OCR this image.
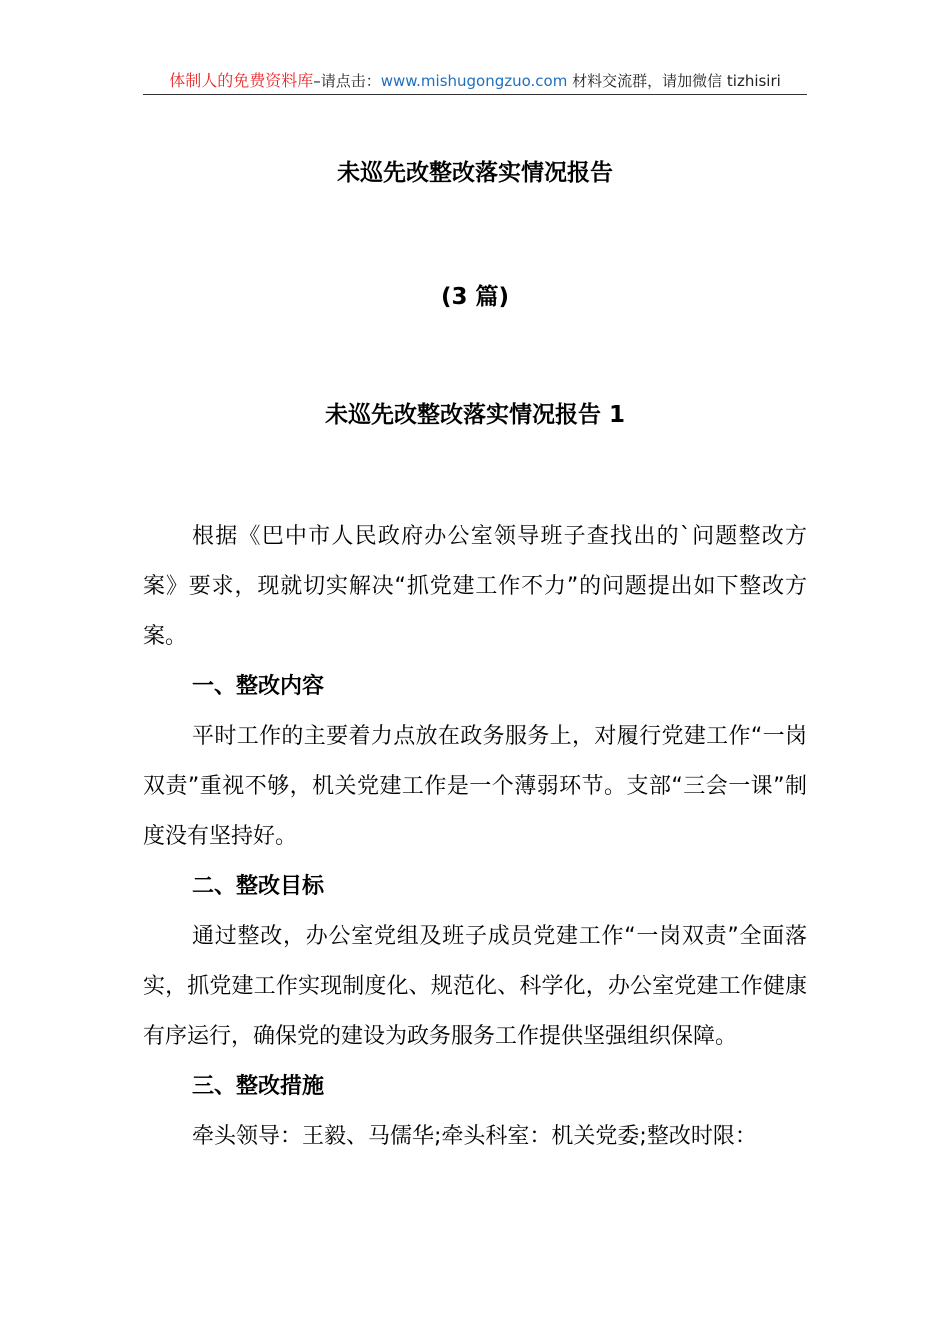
体制人的免费资料库–请点击：www.mishugongzuo.com 材料交流群，请加微信 tizhisiri
未巡先改整改落实情况报告
(3 篇)
未巡先改整改落实情况报告 1

根据《巴中市人民政府办公室领导班子查找出的`问题整改方案》要求，现就切实解决“抓党建工作不力”的问题提出如下整改方案。

一、整改内容

平时工作的主要着力点放在政务服务上，对履行党建工作“一岗双责”重视不够，机关党建工作是一个薄弱环节。支部“三会一课”制度没有坚持好。

二、整改目标

通过整改，办公室党组及班子成员党建工作“一岗双责”全面落实，抓党建工作实现制度化、规范化、科学化，办公室党建工作健康有序运行，确保党的建设为政务服务工作提供坚强组织保障。

三、整改措施

牵头领导：王毅、马儒华;牵头科室：机关党委;整改时限：
